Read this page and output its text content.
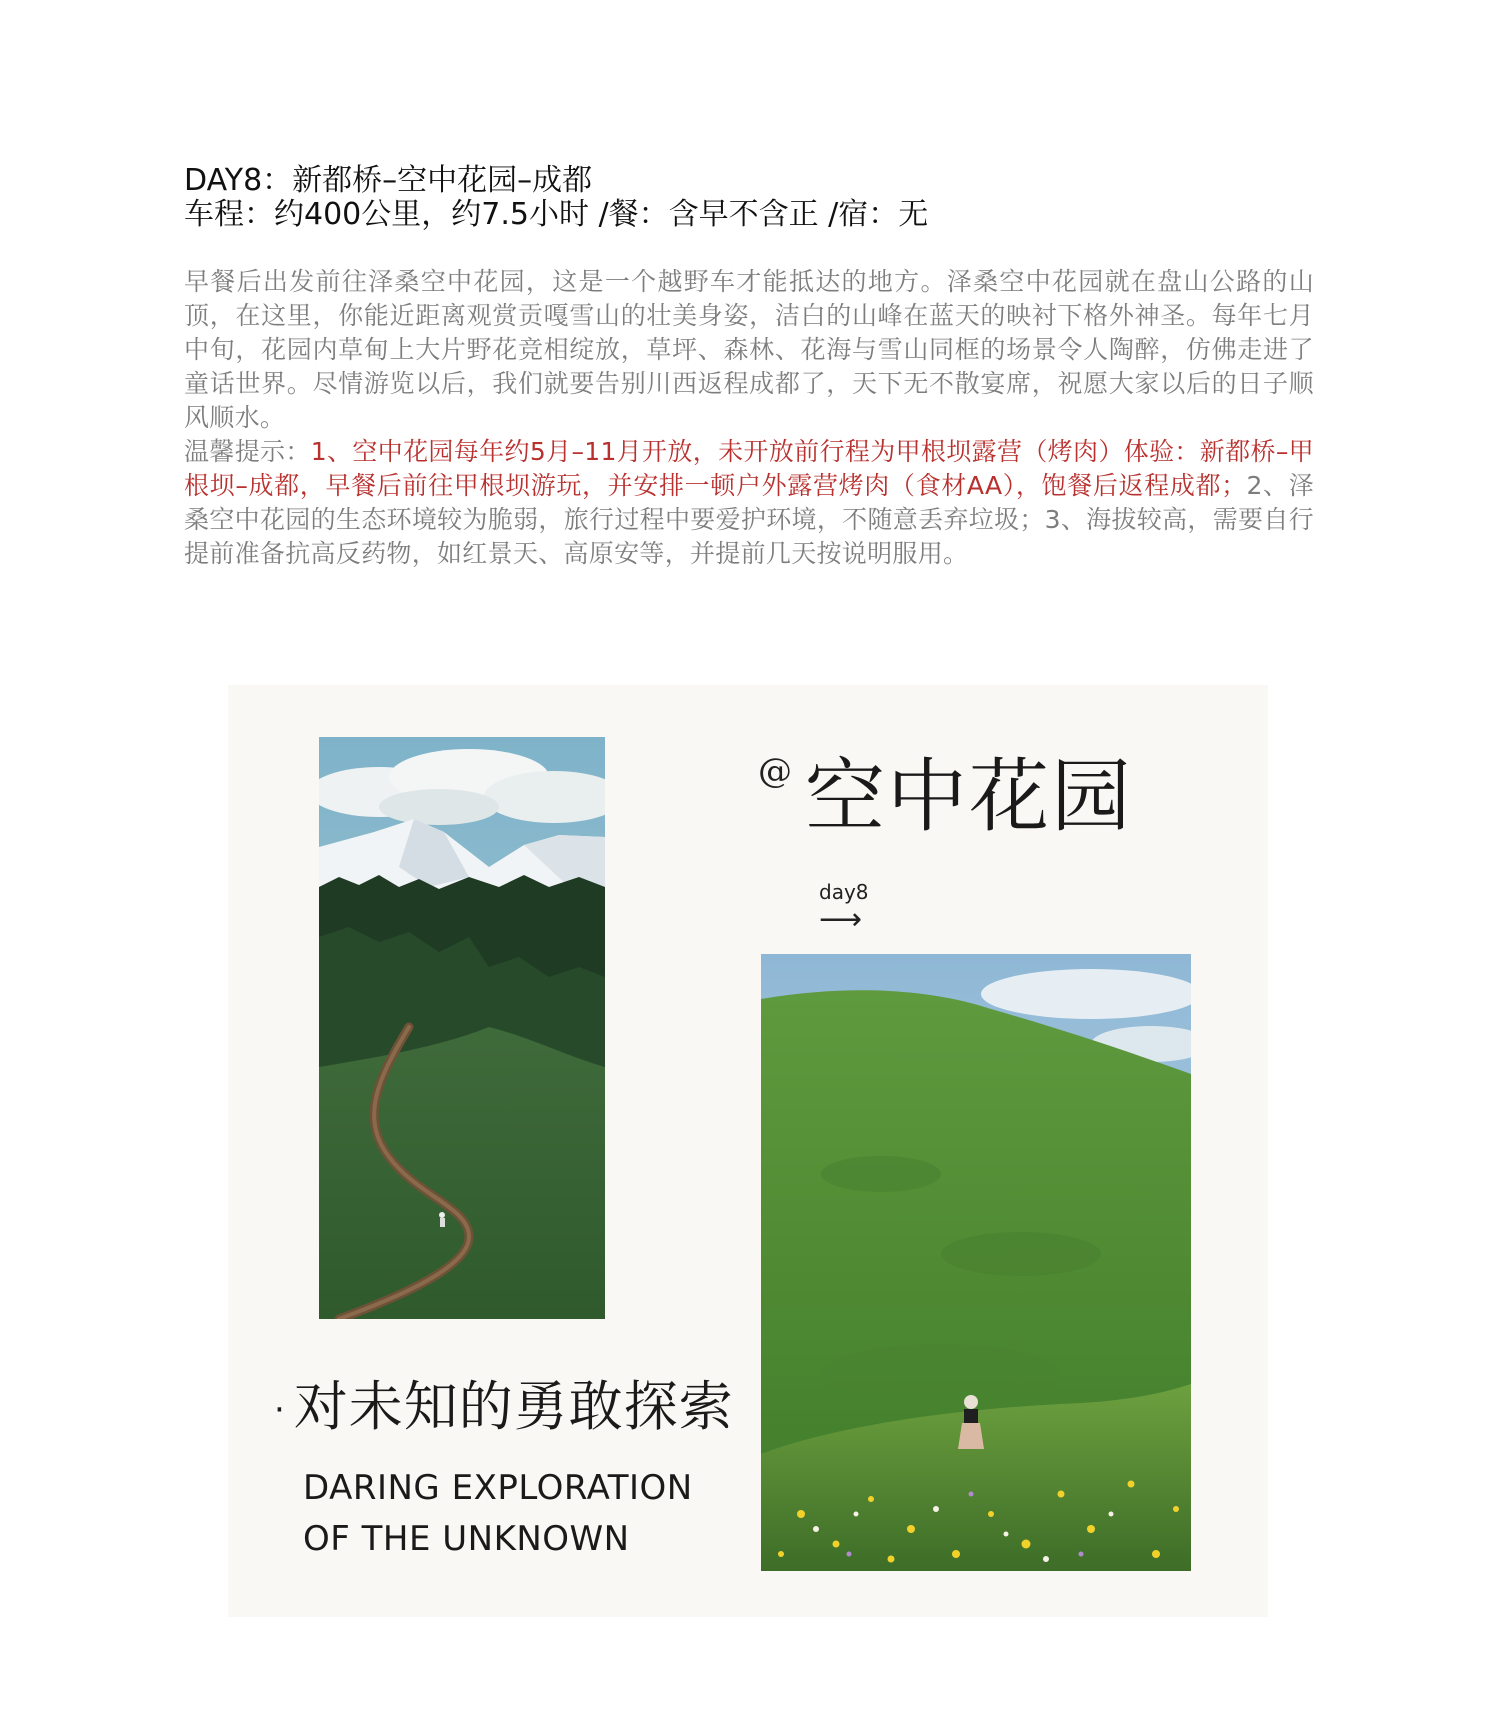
DAY8：新都桥–空中花园–成都
车程：约400公里，约7.5小时 /餐：含早不含正 /宿：无

早餐后出发前往泽桑空中花园，这是一个越野车才能抵达的地方。泽桑空中花园就在盘山公路的山顶，在这里，你能近距离观赏贡嘎雪山的壮美身姿，洁白的山峰在蓝天的映衬下格外神圣。每年七月中旬，花园内草甸上大片野花竞相绽放，草坪、森林、花海与雪山同框的场景令人陶醉，仿佛走进了童话世界。尽情游览以后，我们就要告别川西返程成都了，天下无不散宴席，祝愿大家以后的日子顺风顺水。

温馨提示：1、空中花园每年约5月–11月开放，未开放前行程为甲根坝露营（烤肉）体验：新都桥–甲根坝–成都，早餐后前往甲根坝游玩，并安排一顿户外露营烤肉（食材AA），饱餐后返程成都；2、泽桑空中花园的生态环境较为脆弱，旅行过程中要爱护环境，不随意丢弃垃圾；3、海拔较高，需要自行提前准备抗高反药物，如红景天、高原安等，并提前几天按说明服用。

@ 空中花园
day8
⟶
· 对未知的勇敢探索
DARING EXPLORATION
OF THE UNKNOWN
